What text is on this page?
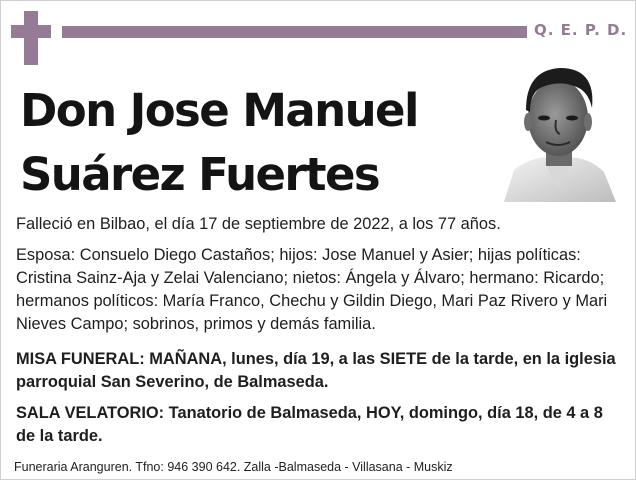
Q. E. P. D.
Don Jose Manuel
Suárez Fuertes
Falleció en Bilbao, el día 17 de septiembre de 2022, a los 77 años.
Esposa: Consuelo Diego Castaños; hijos: Jose Manuel y Asier; hijas políticas: Cristina Sainz-Aja y Zelai Valenciano; nietos: Ángela y Álvaro; hermano: Ricardo; hermanos políticos: María Franco, Chechu y Gildin Diego, Mari Paz Rivero y Mari Nieves Campo; sobrinos, primos y demás familia.
MISA FUNERAL: MAÑANA, lunes, día 19, a las SIETE de la tarde, en la iglesia parroquial San Severino, de Balmaseda.
SALA VELATORIO: Tanatorio de Balmaseda, HOY, domingo, día 18, de 4 a 8 de la tarde.
Funeraria Aranguren. Tfno: 946 390 642. Zalla -Balmaseda - Villasana - Muskiz
